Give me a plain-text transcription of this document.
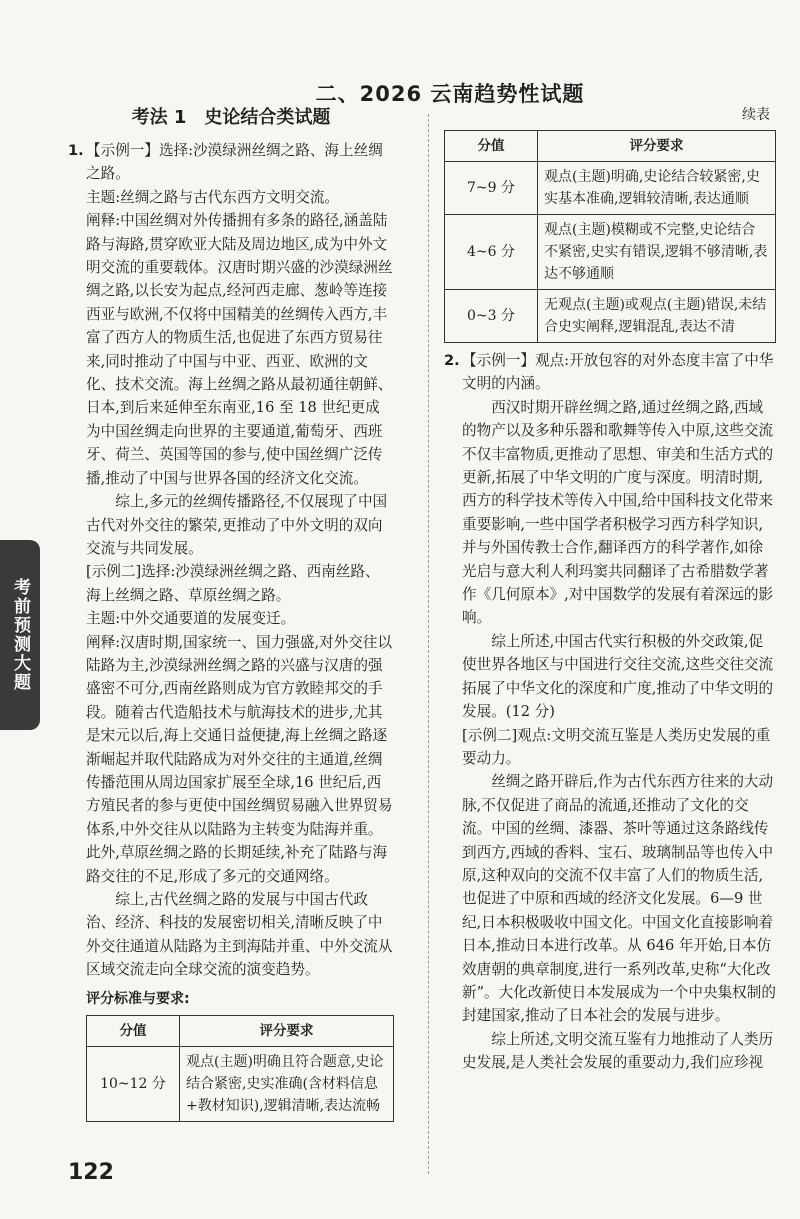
二、2026 云南趋势性试题
考法 1　史论结合类试题

1. 【示例一】选择:沙漠绿洲丝绸之路、海上丝绸之路。

主题:丝绸之路与古代东西方文明交流。

阐释:中国丝绸对外传播拥有多条的路径,涵盖陆路与海路,贯穿欧亚大陆及周边地区,成为中外文明交流的重要载体。汉唐时期兴盛的沙漠绿洲丝绸之路,以长安为起点,经河西走廊、葱岭等连接西亚与欧洲,不仅将中国精美的丝绸传入西方,丰富了西方人的物质生活,也促进了东西方贸易往来,同时推动了中国与中亚、西亚、欧洲的文化、技术交流。海上丝绸之路从最初通往朝鲜、日本,到后来延伸至东南亚,16 至 18 世纪更成为中国丝绸走向世界的主要通道,葡萄牙、西班牙、荷兰、英国等国的参与,使中国丝绸广泛传播,推动了中国与世界各国的经济文化交流。

综上,多元的丝绸传播路径,不仅展现了中国古代对外交往的繁荣,更推动了中外文明的双向交流与共同发展。

[示例二]选择:沙漠绿洲丝绸之路、西南丝路、海上丝绸之路、草原丝绸之路。

主题:中外交通要道的发展变迁。

阐释:汉唐时期,国家统一、国力强盛,对外交往以陆路为主,沙漠绿洲丝绸之路的兴盛与汉唐的强盛密不可分,西南丝路则成为官方敦睦邦交的手段。随着古代造船技术与航海技术的进步,尤其是宋元以后,海上交通日益便捷,海上丝绸之路逐渐崛起并取代陆路成为对外交往的主通道,丝绸传播范围从周边国家扩展至全球,16 世纪后,西方殖民者的参与更使中国丝绸贸易融入世界贸易体系,中外交往从以陆路为主转变为陆海并重。此外,草原丝绸之路的长期延续,补充了陆路与海路交往的不足,形成了多元的交通网络。

综上,古代丝绸之路的发展与中国古代政治、经济、科技的发展密切相关,清晰反映了中外交往通道从陆路为主到海陆并重、中外交流从区域交流走向全球交流的演变趋势。

评分标准与要求:
分值	评分要求
10~12 分	观点(主题)明确且符合题意,史论结合紧密,史实准确(含材料信息+教材知识),逻辑清晰,表达流畅
续表
分值	评分要求
7~9 分	观点(主题)明确,史论结合较紧密,史实基本准确,逻辑较清晰,表达通顺
4~6 分	观点(主题)模糊或不完整,史论结合不紧密,史实有错误,逻辑不够清晰,表达不够通顺
0~3 分	无观点(主题)或观点(主题)错误,未结合史实阐释,逻辑混乱,表达不清

2. 【示例一】观点:开放包容的对外态度丰富了中华文明的内涵。

西汉时期开辟丝绸之路,通过丝绸之路,西域的物产以及多种乐器和歌舞等传入中原,这些交流不仅丰富物质,更推动了思想、审美和生活方式的更新,拓展了中华文明的广度与深度。明清时期,西方的科学技术等传入中国,给中国科技文化带来重要影响,一些中国学者积极学习西方科学知识,并与外国传教士合作,翻译西方的科学著作,如徐光启与意大利人利玛窦共同翻译了古希腊数学著作《几何原本》,对中国数学的发展有着深远的影响。

综上所述,中国古代实行积极的外交政策,促使世界各地区与中国进行交往交流,这些交往交流拓展了中华文化的深度和广度,推动了中华文明的发展。(12 分)

[示例二]观点:文明交流互鉴是人类历史发展的重要动力。

丝绸之路开辟后,作为古代东西方往来的大动脉,不仅促进了商品的流通,还推动了文化的交流。中国的丝绸、漆器、茶叶等通过这条路线传到西方,西域的香料、宝石、玻璃制品等也传入中原,这种双向的交流不仅丰富了人们的物质生活,也促进了中原和西域的经济文化发展。6—9 世纪,日本积极吸收中国文化。中国文化直接影响着日本,推动日本进行改革。从 646 年开始,日本仿效唐朝的典章制度,进行一系列改革,史称“大化改新”。大化改新使日本发展成为一个中央集权制的封建国家,推动了日本社会的发展与进步。

综上所述,文明交流互鉴有力地推动了人类历史发展,是人类社会发展的重要动力,我们应珍视

考前预测大题
122
